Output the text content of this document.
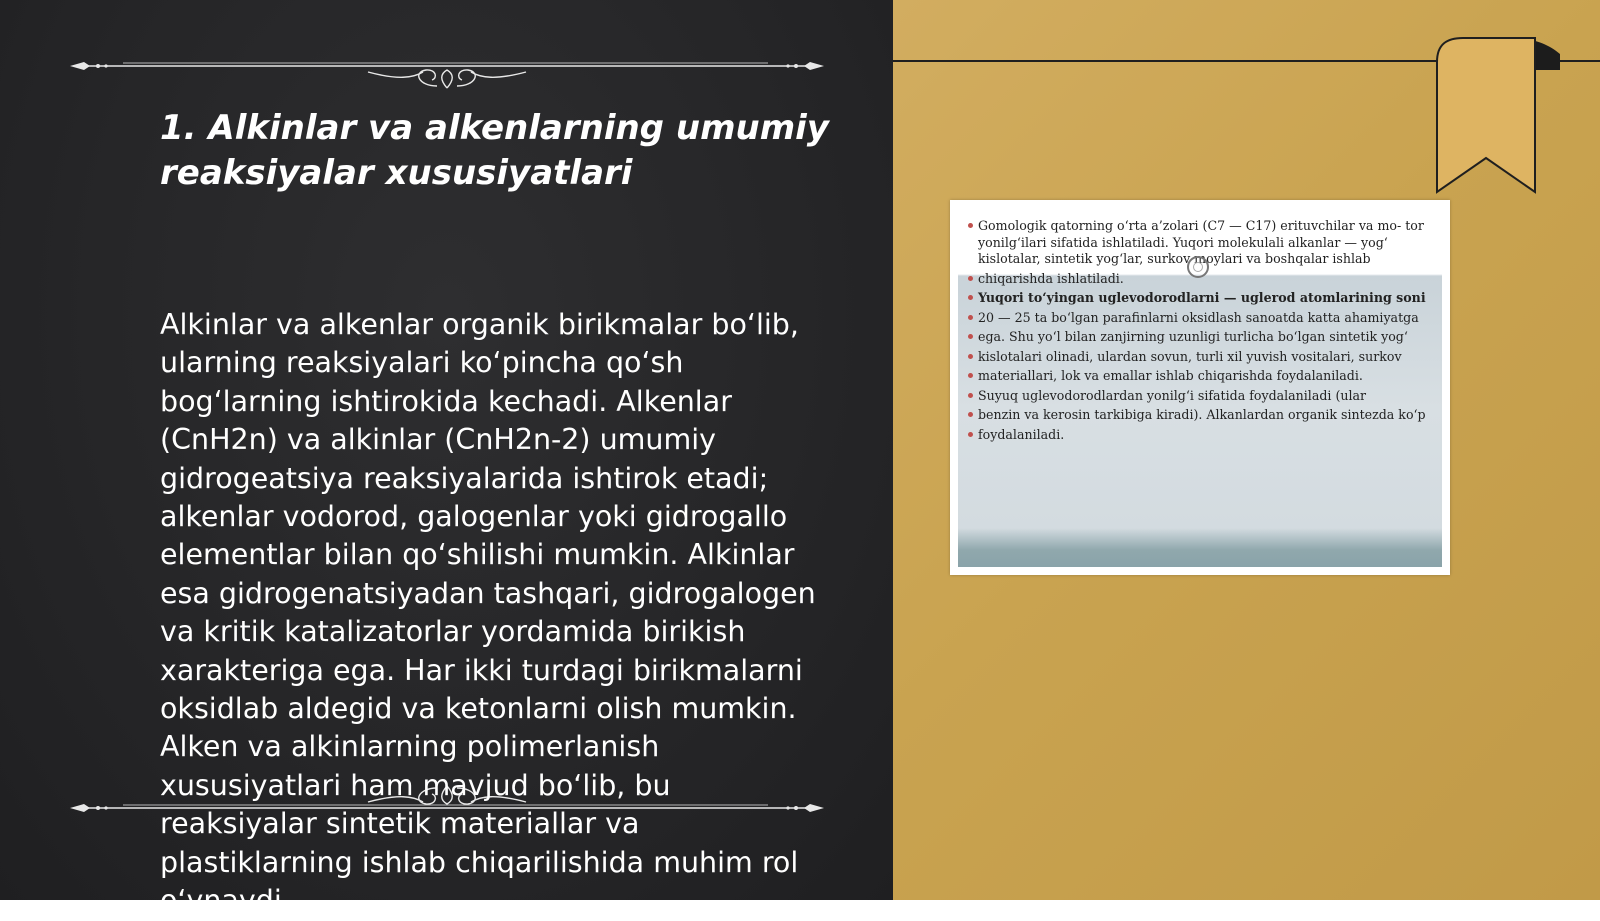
1. Alkinlar va alkenlarning umumiy reaksiyalar xususiyatlari

Alkinlar va alkenlar organik birikmalar bo‘lib, ularning reaksiyalari ko‘pincha qo‘sh bog‘larning ishtirokida kechadi. Alkenlar (CnH2n) va alkinlar (CnH2n-2) umumiy gidrogeatsiya reaksiyalarida ishtirok etadi; alkenlar vodorod, galogenlar yoki gidrogallo elementlar bilan qo‘shilishi mumkin. Alkinlar esa gidrogenatsiyadan tashqari, gidrogalogen va kritik katalizatorlar yordamida birikish xarakteriga ega. Har ikki turdagi birikmalarni oksidlab aldegid va ketonlarni olish mumkin. Alken va alkinlarning polimerlanish xususiyatlari ham mavjud bo‘lib, bu reaksiyalar sintetik materiallar va plastiklarning ishlab chiqarilishida muhim rol o‘ynaydi.

Gomologik qatorning o‘rta a’zolari (C7 — C17) erituvchilar va mo- tor yonilg‘ilari sifatida ishlatiladi. Yuqori molekulali alkanlar — yog‘ kislotalar, sintetik yog‘lar, surkov moylari va boshqalar ishlab
chiqarishda ishlatiladi.
Yuqori to‘yingan uglevodorodlarni — uglerod atomlarining soni
20 — 25 ta bo‘lgan parafinlarni oksidlash sanoatda katta ahamiyatga
ega. Shu yo‘l bilan zanjirning uzunligi turlicha bo‘lgan sintetik yog‘
kislotalari olinadi, ulardan sovun, turli xil yuvish vositalari, surkov
materiallari, lok va emallar ishlab chiqarishda foydalaniladi.
Suyuq uglevodorodlardan yonilg‘i sifatida foydalaniladi (ular
benzin va kerosin tarkibiga kiradi). Alkanlardan organik sintezda ko‘p
foydalaniladi.
